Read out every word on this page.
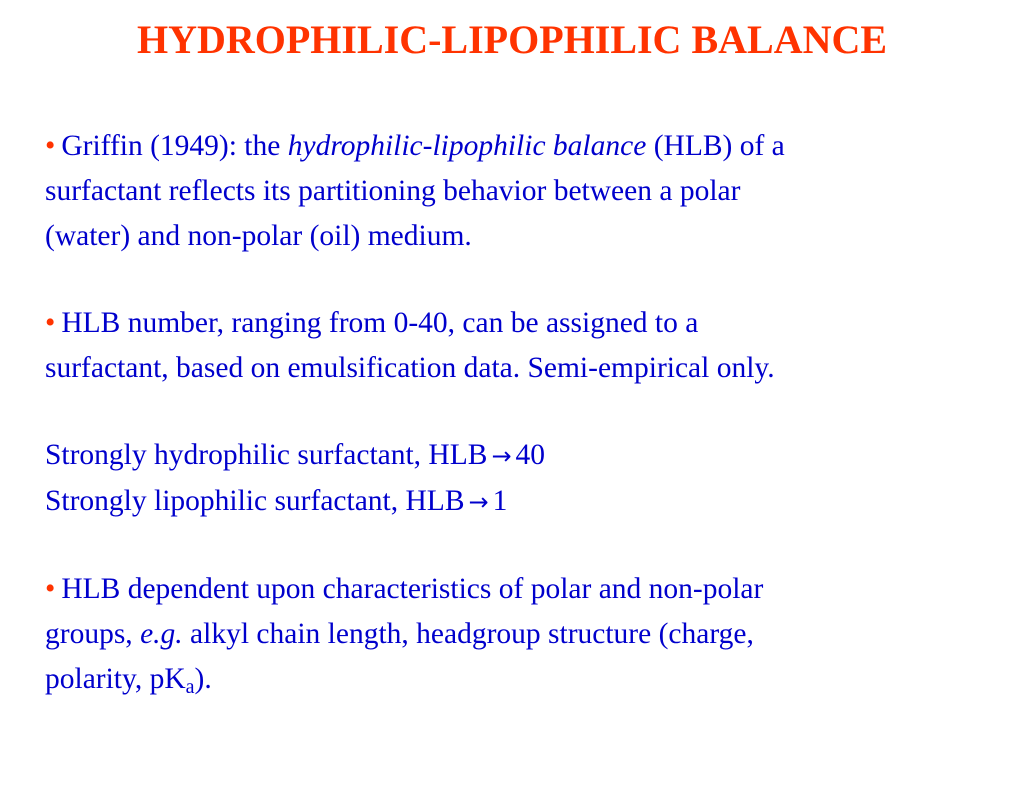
HYDROPHILIC-LIPOPHILIC BALANCE
• Griffin (1949): the hydrophilic-lipophilic balance (HLB) of a
surfactant reflects its partitioning behavior between a polar
(water) and non-polar (oil) medium.
• HLB number, ranging from 0-40, can be assigned to a
surfactant, based on emulsification data. Semi-empirical only.
Strongly hydrophilic surfactant, HLB → 40
Strongly lipophilic surfactant, HLB → 1
• HLB dependent upon characteristics of polar and non-polar
groups, e.g. alkyl chain length, headgroup structure (charge,
polarity, $pK_a$).
